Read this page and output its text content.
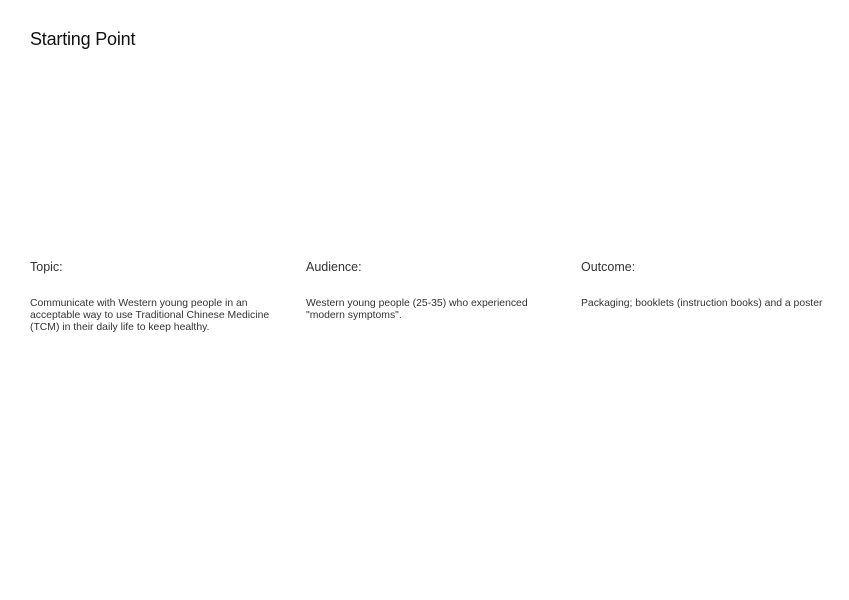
Starting Point
Topic:

Communicate with Western young people in an acceptable way to use Traditional Chinese Medicine (TCM) in their daily life to keep healthy.

Audience:

Western young people (25-35) who experienced "modern symptoms".

Outcome:

Packaging; booklets (instruction books) and a poster
